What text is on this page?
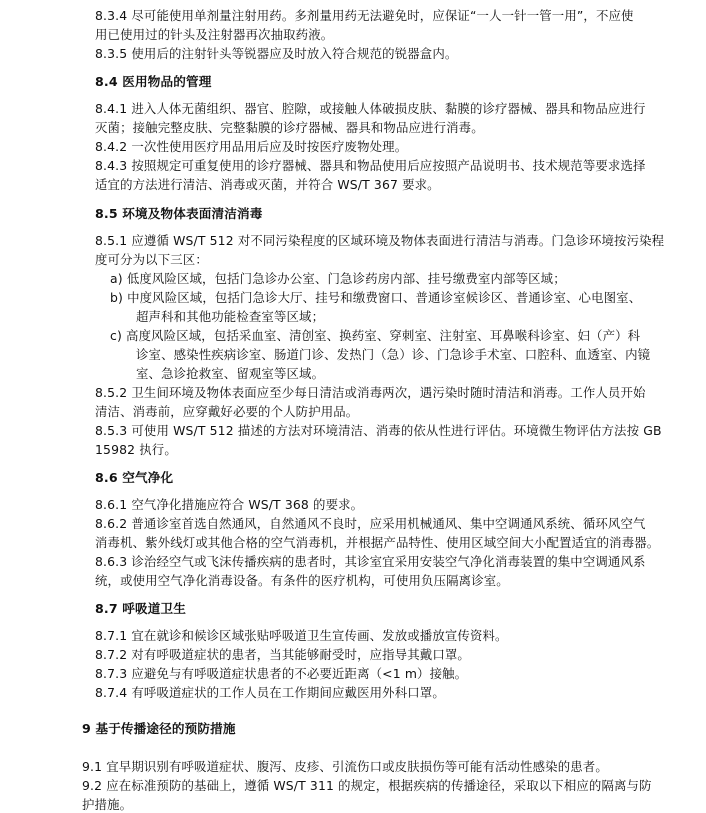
8.3.4 尽可能使用单剂量注射用药。多剂量用药无法避免时，应保证“一人一针一管一用”，不应使
用已使用过的针头及注射器再次抽取药液。
8.3.5 使用后的注射针头等锐器应及时放入符合规范的锐器盒内。
8.4 医用物品的管理
8.4.1 进入人体无菌组织、器官、腔隙，或接触人体破损皮肤、黏膜的诊疗器械、器具和物品应进行
灭菌；接触完整皮肤、完整黏膜的诊疗器械、器具和物品应进行消毒。
8.4.2 一次性使用医疗用品用后应及时按医疗废物处理。
8.4.3 按照规定可重复使用的诊疗器械、器具和物品使用后应按照产品说明书、技术规范等要求选择
适宜的方法进行清洁、消毒或灭菌，并符合 WS/T 367 要求。
8.5 环境及物体表面清洁消毒
8.5.1 应遵循 WS/T 512 对不同污染程度的区域环境及物体表面进行清洁与消毒。门急诊环境按污染程
度可分为以下三区：
a) 低度风险区域，包括门急诊办公室、门急诊药房内部、挂号缴费室内部等区域；
b) 中度风险区域，包括门急诊大厅、挂号和缴费窗口、普通诊室候诊区、普通诊室、心电图室、
超声科和其他功能检查室等区域；
c) 高度风险区域，包括采血室、清创室、换药室、穿刺室、注射室、耳鼻喉科诊室、妇（产）科
诊室、感染性疾病诊室、肠道门诊、发热门（急）诊、门急诊手术室、口腔科、血透室、内镜
室、急诊抢救室、留观室等区域。
8.5.2 卫生间环境及物体表面应至少每日清洁或消毒两次，遇污染时随时清洁和消毒。工作人员开始
清洁、消毒前，应穿戴好必要的个人防护用品。
8.5.3 可使用 WS/T 512 描述的方法对环境清洁、消毒的依从性进行评估。环境微生物评估方法按 GB
15982 执行。
8.6 空气净化
8.6.1 空气净化措施应符合 WS/T 368 的要求。
8.6.2 普通诊室首选自然通风，自然通风不良时，应采用机械通风、集中空调通风系统、循环风空气
消毒机、紫外线灯或其他合格的空气消毒机，并根据产品特性、使用区域空间大小配置适宜的消毒器。
8.6.3 诊治经空气或飞沫传播疾病的患者时，其诊室宜采用安装空气净化消毒装置的集中空调通风系
统，或使用空气净化消毒设备。有条件的医疗机构，可使用负压隔离诊室。
8.7 呼吸道卫生
8.7.1 宜在就诊和候诊区域张贴呼吸道卫生宣传画、发放或播放宣传资料。
8.7.2 对有呼吸道症状的患者，当其能够耐受时，应指导其戴口罩。
8.7.3 应避免与有呼吸道症状患者的不必要近距离（<1 m）接触。
8.7.4 有呼吸道症状的工作人员在工作期间应戴医用外科口罩。
9 基于传播途径的预防措施
9.1 宜早期识别有呼吸道症状、腹泻、皮疹、引流伤口或皮肤损伤等可能有活动性感染的患者。
9.2 应在标准预防的基础上，遵循 WS/T 311 的规定，根据疾病的传播途径，采取以下相应的隔离与防
护措施。
